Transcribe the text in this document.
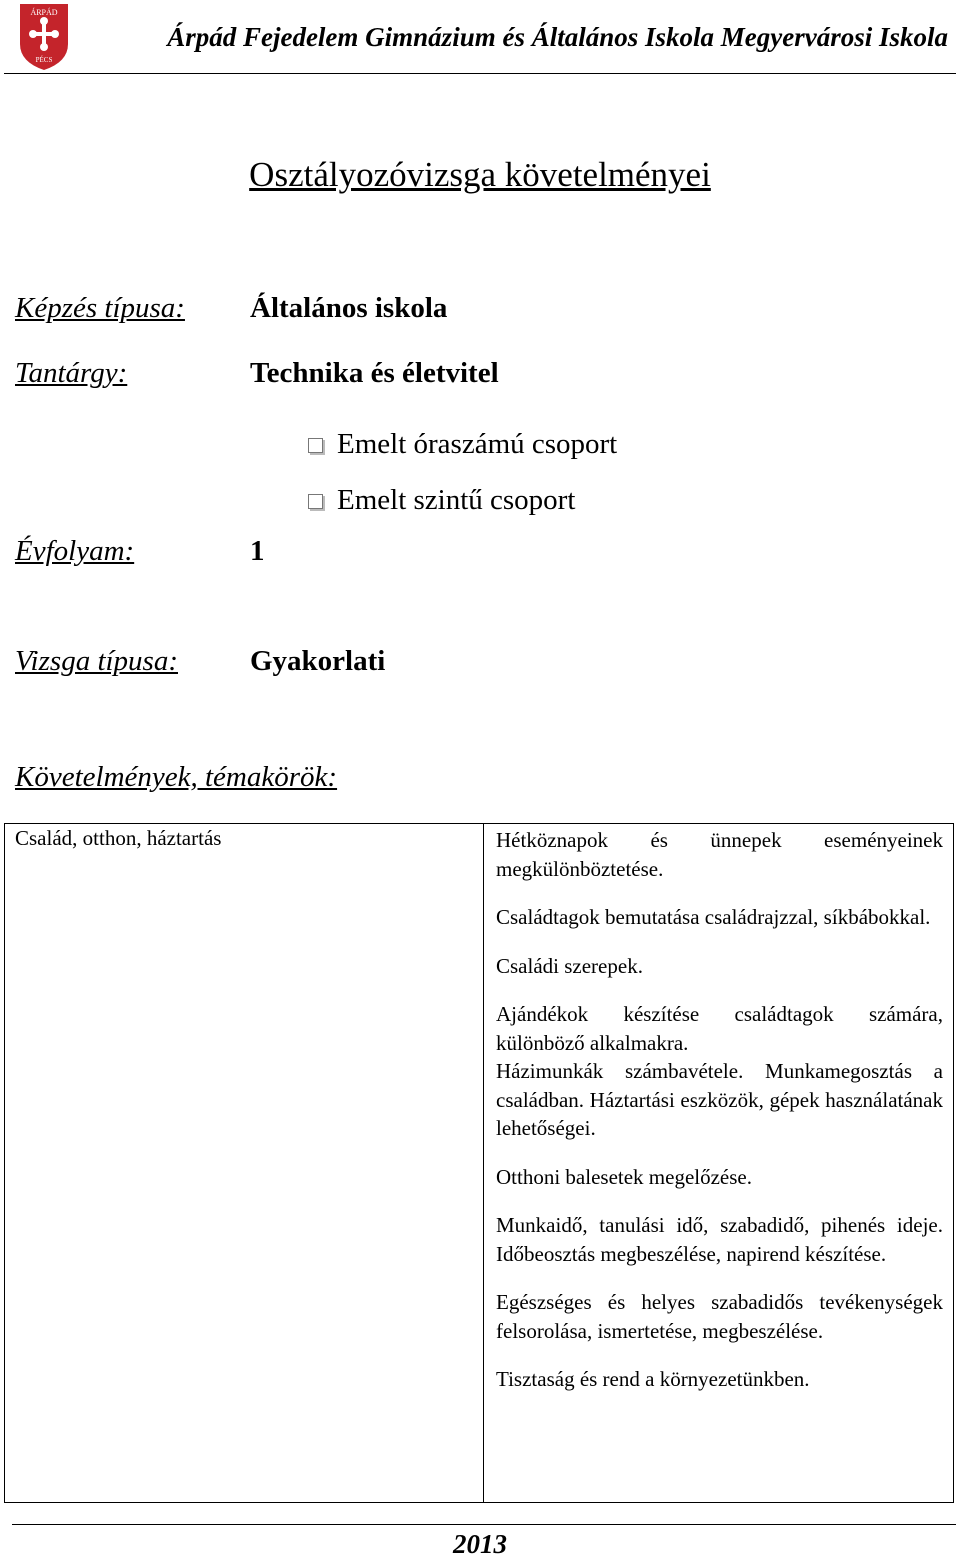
ÁRPÁD
PÉCS
Árpád Fejedelem Gimnázium és Általános Iskola Megyervárosi Iskola
Osztályozóvizsga követelményei
Képzés típusa: Általános iskola
Tantárgy:	Technika és életvitel
Emelt óraszámú csoport
Emelt szintű csoport
Évfolyam:	1
Vizsga típusa: Gyakorlati
Követelmények, témakörök:
Család, otthon, háztartás	Hétköznapok és ünnepek eseményeinek megkülönböztetése.

Családtagok bemutatása családrajzzal, síkbábokkal.

Családi szerepek.

Ajándékok készítése családtagok számára, különböző alkalmakra.

Házimunkák számbavétele. Munkamegosztás a családban. Háztartási eszközök, gépek használatának lehetőségei.

Otthoni balesetek megelőzése.

Munkaidő, tanulási idő, szabadidő, pihenés ideje. Időbeosztás megbeszélése, napirend készítése.

Egészséges és helyes szabadidős tevékenységek felsorolása, ismertetése, megbeszélése.

Tisztaság és rend a környezetünkben.

2013
